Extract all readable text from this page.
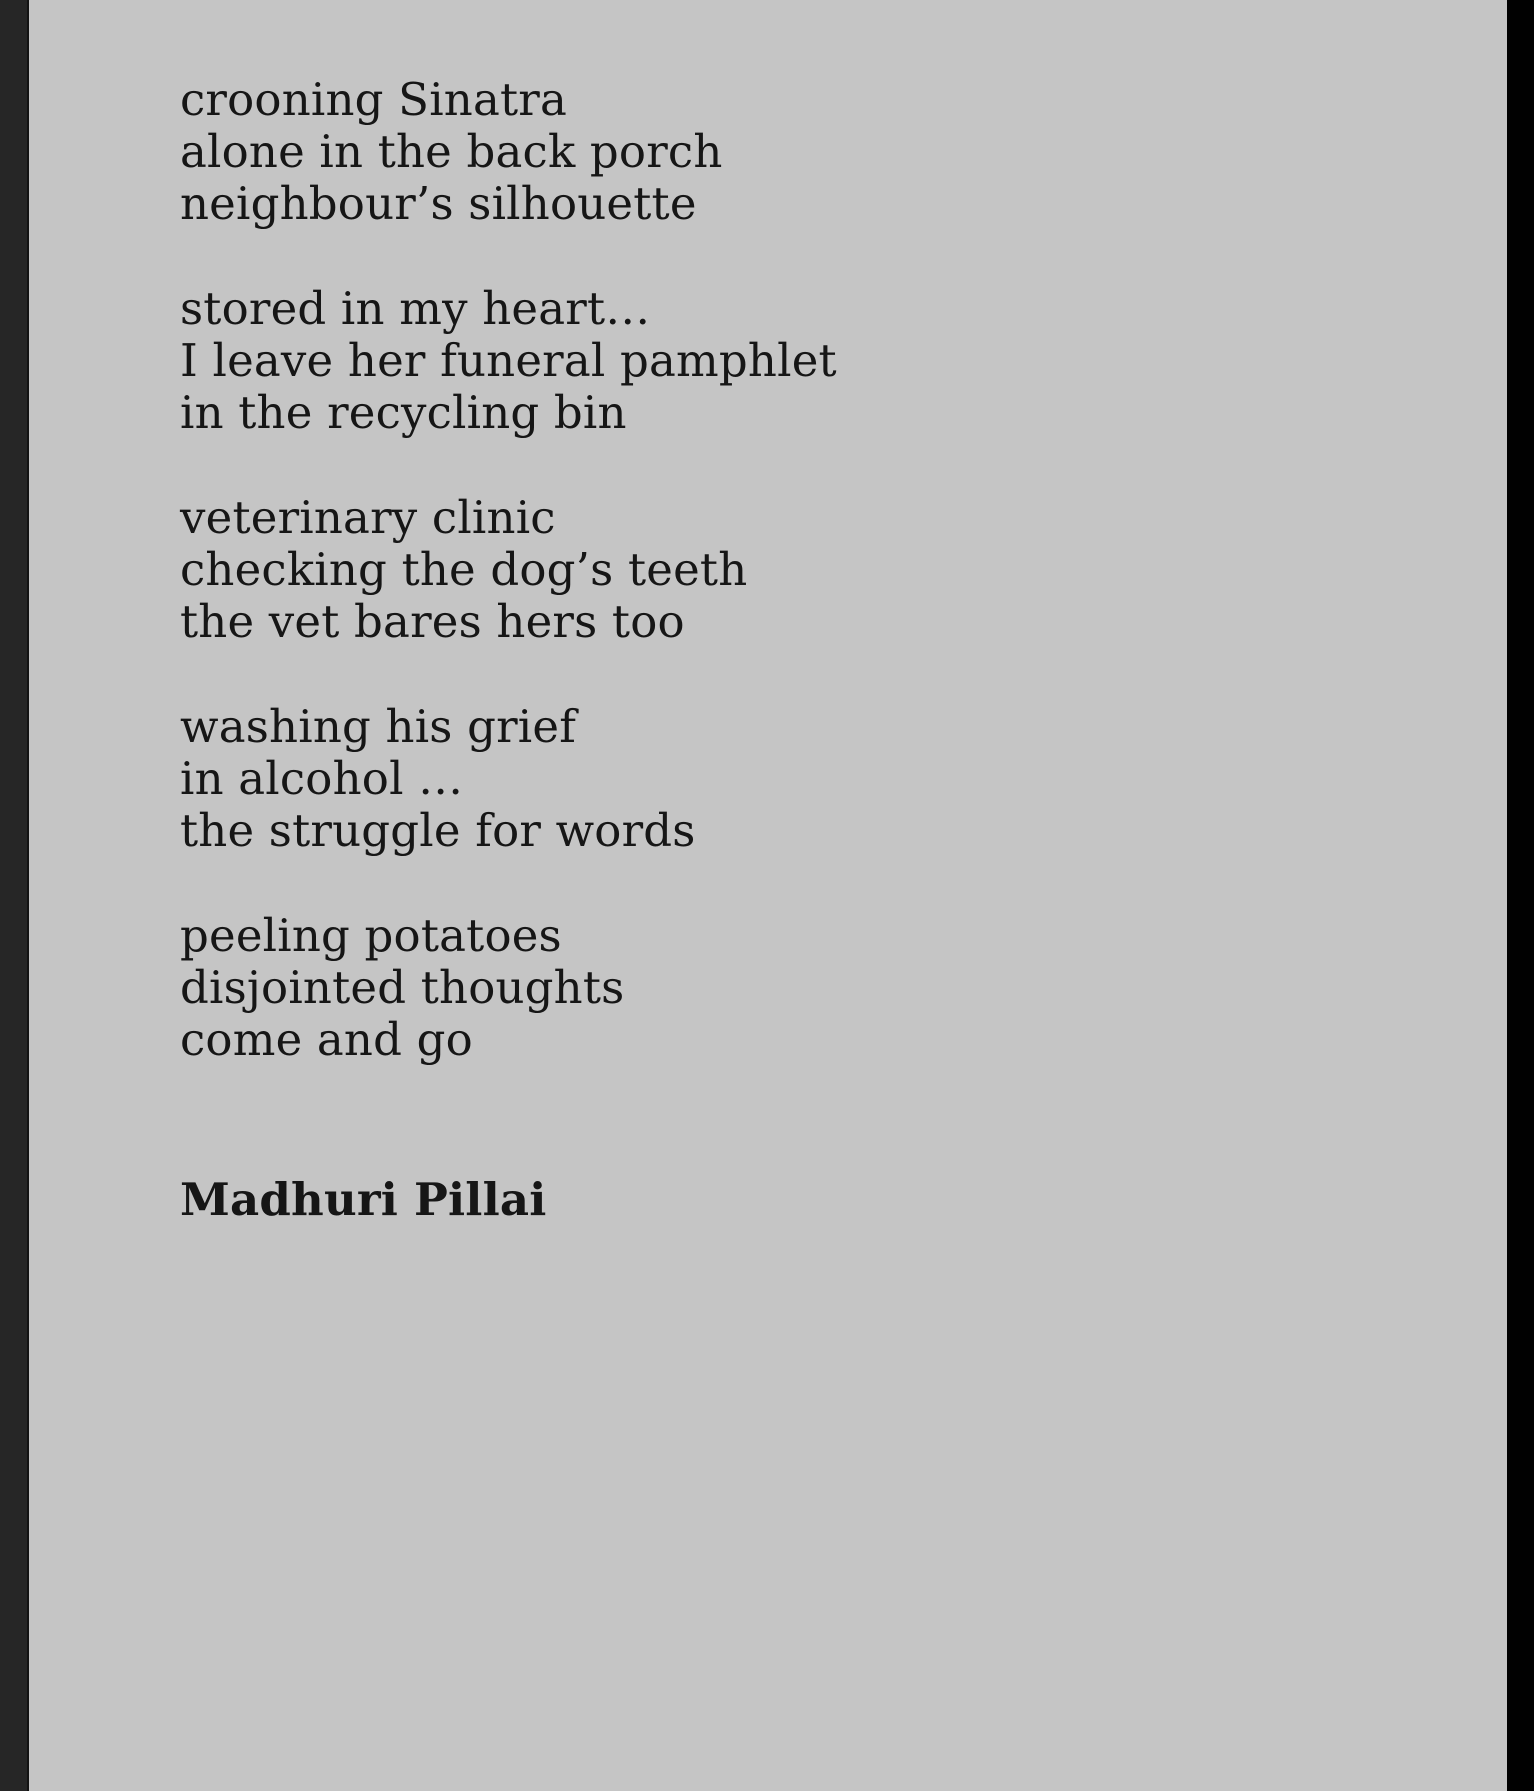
crooning Sinatra

alone in the back porch

neighbour’s silhouette

stored in my heart…

I leave her funeral pamphlet

in the recycling bin

veterinary clinic

checking the dog’s teeth

the vet bares hers too

washing his grief

in alcohol …

the struggle for words

peeling potatoes

disjointed thoughts

come and go

Madhuri Pillai
